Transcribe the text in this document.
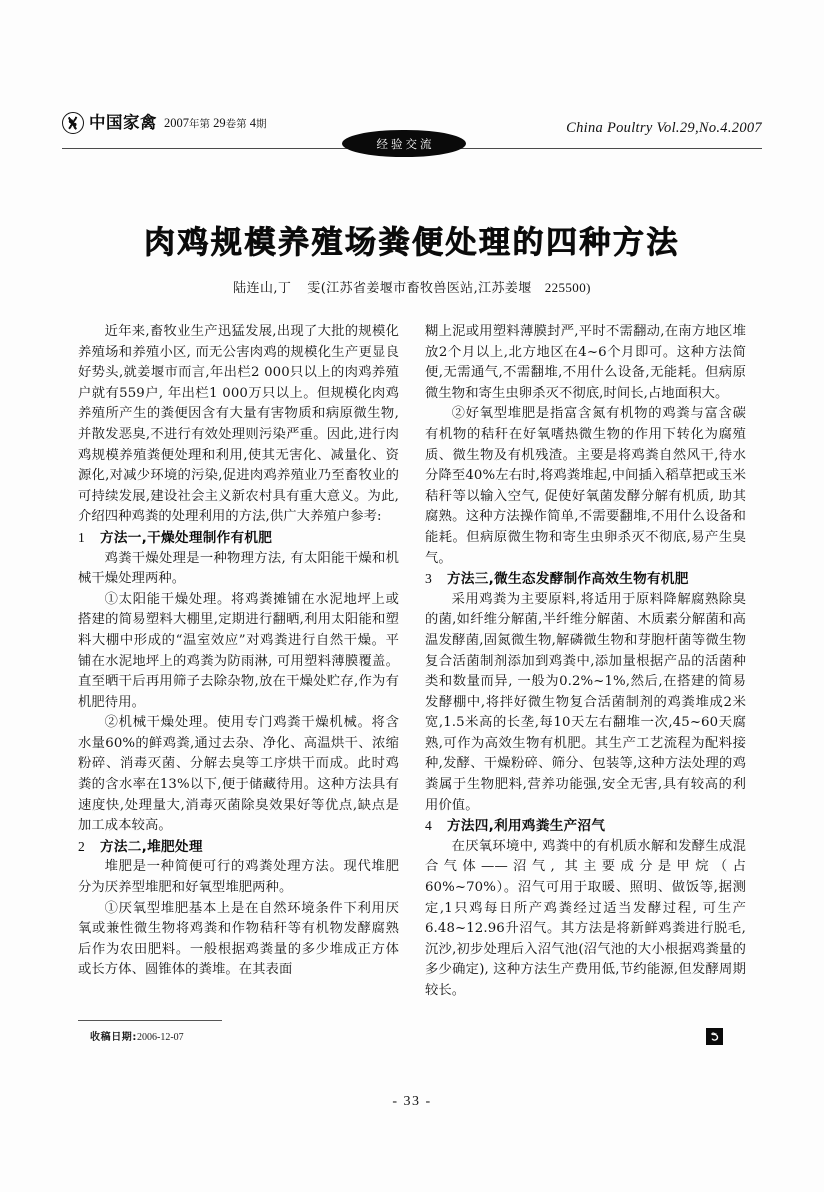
中国家禽 2007年第 29卷第 4期	China Poultry Vol.29,No.4.2007
经验交流
肉鸡规模养殖场粪便处理的四种方法
陆连山,丁 雯(江苏省姜堰市畜牧兽医站,江苏姜堰 225500)

近年来,畜牧业生产迅猛发展,出现了大批的规模化养殖场和养殖小区, 而无公害肉鸡的规模化生产更显良好势头,就姜堰市而言,年出栏2 000只以上的肉鸡养殖户就有559户, 年出栏1 000万只以上。但规模化肉鸡养殖所产生的粪便因含有大量有害物质和病原微生物,并散发恶臭,不进行有效处理则污染严重。因此,进行肉鸡规模养殖粪便处理和利用,使其无害化、减量化、资源化,对减少环境的污染,促进肉鸡养殖业乃至畜牧业的可持续发展,建设社会主义新农村具有重大意义。为此,介绍四种鸡粪的处理利用的方法,供广大养殖户参考:

1	方法一,干燥处理制作有机肥

鸡粪干燥处理是一种物理方法, 有太阳能干燥和机械干燥处理两种。

①太阳能干燥处理。将鸡粪摊铺在水泥地坪上或搭建的简易塑料大棚里,定期进行翻晒,利用太阳能和塑料大棚中形成的“温室效应”对鸡粪进行自然干燥。平铺在水泥地坪上的鸡粪为防雨淋, 可用塑料薄膜覆盖。 直至晒干后再用筛子去除杂物,放在干燥处贮存,作为有机肥待用。

②机械干燥处理。使用专门鸡粪干燥机械。将含水量60%的鲜鸡粪,通过去杂、净化、高温烘干、浓缩粉碎、消毒灭菌、分解去臭等工序烘干而成。此时鸡粪的含水率在13%以下,便于储藏待用。这种方法具有速度快,处理量大,消毒灭菌除臭效果好等优点,缺点是加工成本较高。

2	方法二,堆肥处理

堆肥是一种简便可行的鸡粪处理方法。现代堆肥分为厌养型堆肥和好氧型堆肥两种。

①厌氧型堆肥基本上是在自然环境条件下利用厌氧或兼性微生物将鸡粪和作物秸秆等有机物发酵腐熟后作为农田肥料。一般根据鸡粪量的多少堆成正方体或长方体、圆锥体的粪堆。在其表面

糊上泥或用塑料薄膜封严,平时不需翻动,在南方地区堆放2个月以上,北方地区在4~6个月即可。这种方法简便,无需通气,不需翻堆,不用什么设备,无能耗。但病原微生物和寄生虫卵杀灭不彻底,时间长,占地面积大。

②好氧型堆肥是指富含氮有机物的鸡粪与富含碳有机物的秸秆在好氧嗜热微生物的作用下转化为腐殖质、微生物及有机残渣。主要是将鸡粪自然风干,待水分降至40%左右时,将鸡粪堆起,中间插入稻草把或玉米秸秆等以输入空气, 促使好氧菌发酵分解有机质, 助其腐熟。这种方法操作简单,不需要翻堆,不用什么设备和能耗。但病原微生物和寄生虫卵杀灭不彻底,易产生臭气。

3	方法三,微生态发酵制作高效生物有机肥

采用鸡粪为主要原料,将适用于原料降解腐熟除臭的菌,如纤维分解菌,半纤维分解菌、木质素分解菌和高温发酵菌,固氮微生物,解磷微生物和芽胞杆菌等微生物复合活菌制剂添加到鸡粪中,添加量根据产品的活菌种类和数量而异, 一般为0.2%~1%,然后,在搭建的简易发酵棚中,将拌好微生物复合活菌制剂的鸡粪堆成2米宽,1.5米高的长垄,每10天左右翻堆一次,45~60天腐熟,可作为高效生物有机肥。其生产工艺流程为配料接种,发酵、干燥粉碎、筛分、包装等,这种方法处理的鸡粪属于生物肥料,营养功能强,安全无害,具有较高的利用价值。

4	方法四,利用鸡粪生产沼气

在厌氧环境中, 鸡粪中的有机质水解和发酵生成混合气体——沼气, 其主要成分是甲烷（占60%~70%）。沼气可用于取暖、照明、做饭等,据测定,1只鸡每日所产鸡粪经过适当发酵过程, 可生产6.48~12.96升沼气。其方法是将新鲜鸡粪进行脱毛,沉沙,初步处理后入沼气池(沼气池的大小根据鸡粪量的多少确定), 这种方法生产费用低,节约能源,但发酵周期较长。

收稿日期:2006-12-07
- 33 -
